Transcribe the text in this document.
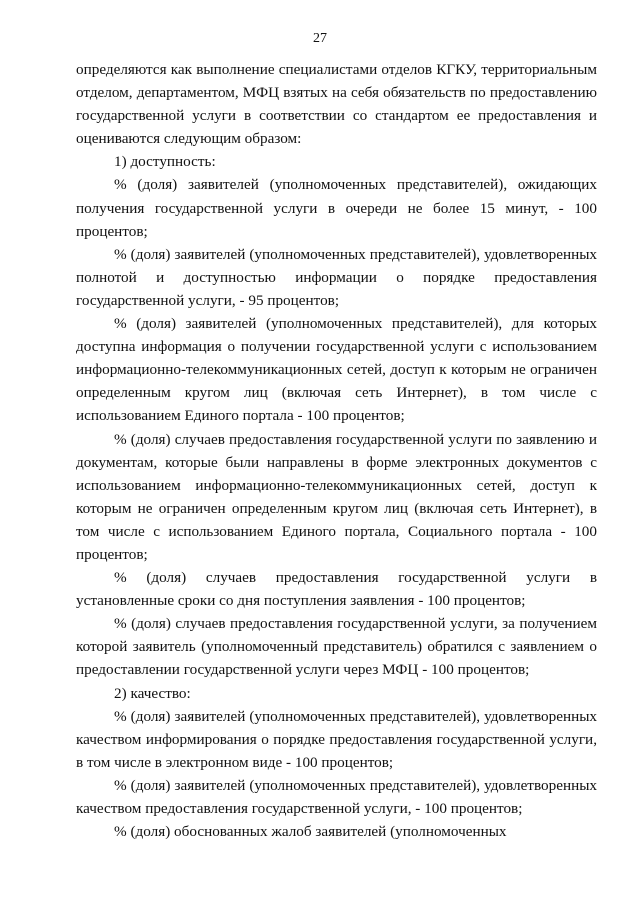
27

определяются как выполнение специалистами отделов КГКУ, территориальным отделом, департаментом, МФЦ взятых на себя обязательств по предоставлению государственной услуги в соответствии со стандартом ее предоставления и оцениваются следующим образом:

1) доступность:

% (доля) заявителей (уполномоченных представителей), ожидающих получения государственной услуги в очереди не более 15 минут, - 100 процентов;

% (доля) заявителей (уполномоченных представителей), удовлетворенных полнотой и доступностью информации о порядке предоставления государственной услуги, - 95 процентов;

% (доля) заявителей (уполномоченных представителей), для которых доступна информация о получении государственной услуги с использованием информационно-телекоммуникационных сетей, доступ к которым не ограничен определенным кругом лиц (включая сеть Интернет), в том числе с использованием Единого портала - 100 процентов;

% (доля) случаев предоставления государственной услуги по заявлению и документам, которые были направлены в форме электронных документов с использованием информационно-телекоммуникационных сетей, доступ к которым не ограничен определенным кругом лиц (включая сеть Интернет), в том числе с использованием Единого портала, Социального портала - 100 процентов;

% (доля) случаев предоставления государственной услуги в установленные сроки со дня поступления заявления - 100 процентов;

% (доля) случаев предоставления государственной услуги, за получением которой заявитель (уполномоченный представитель) обратился с заявлением о предоставлении государственной услуги через МФЦ - 100 процентов;

2) качество:

% (доля) заявителей (уполномоченных представителей), удовлетворенных качеством информирования о порядке предоставления государственной услуги, в том числе в электронном виде - 100 процентов;

% (доля) заявителей (уполномоченных представителей), удовлетворенных качеством предоставления государственной услуги, - 100 процентов;

% (доля) обоснованных жалоб заявителей (уполномоченных
